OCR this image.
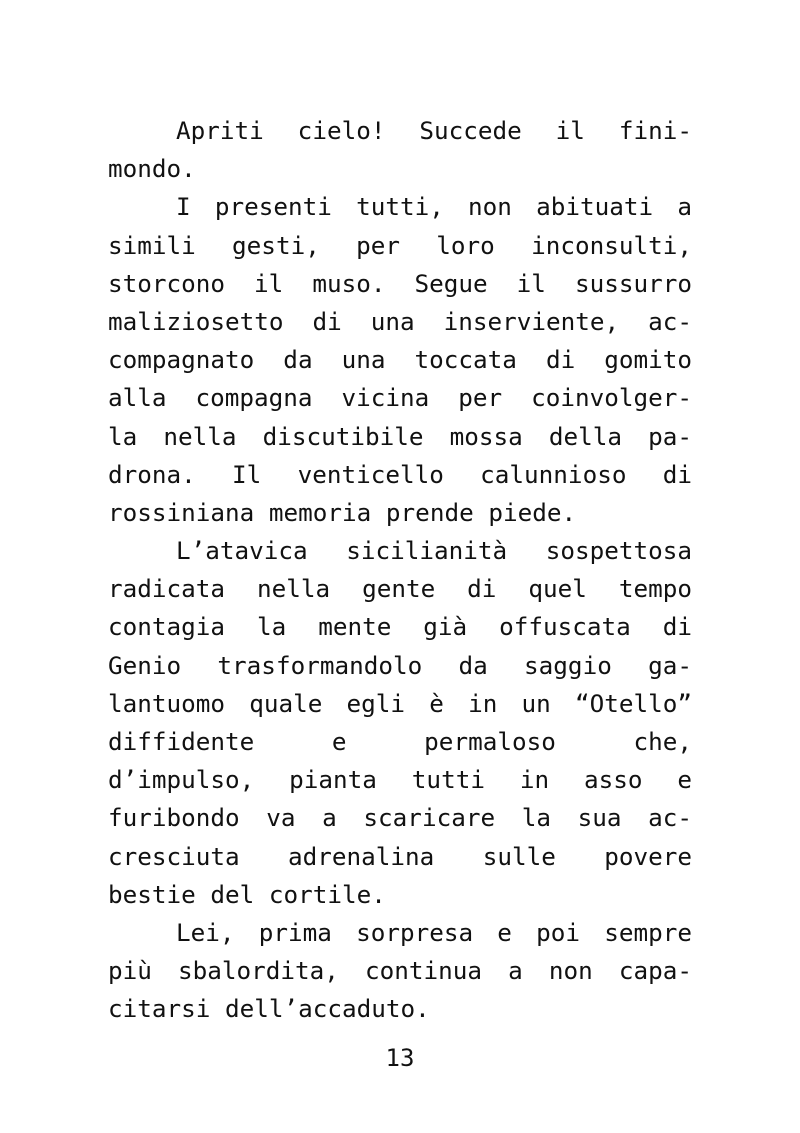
Apriti cielo! Succede il fini-
mondo.
I presenti tutti, non abituati a
simili gesti, per loro inconsulti,
storcono il muso. Segue il sussurro
maliziosetto di una inserviente, ac-
compagnato da una toccata di gomito
alla compagna vicina per coinvolger-
la nella discutibile mossa della pa-
drona. Il venticello calunnioso di
rossiniana memoria prende piede.
L’atavica sicilianità sospettosa
radicata nella gente di quel tempo
contagia la mente già offuscata di
Genio trasformandolo da saggio ga-
lantuomo quale egli è in un “Otello”
diffidente e permaloso che,
d’impulso, pianta tutti in asso e
furibondo va a scaricare la sua ac-
cresciuta adrenalina sulle povere
bestie del cortile.
Lei, prima sorpresa e poi sempre
più sbalordita, continua a non capa-
citarsi dell’accaduto.
13
